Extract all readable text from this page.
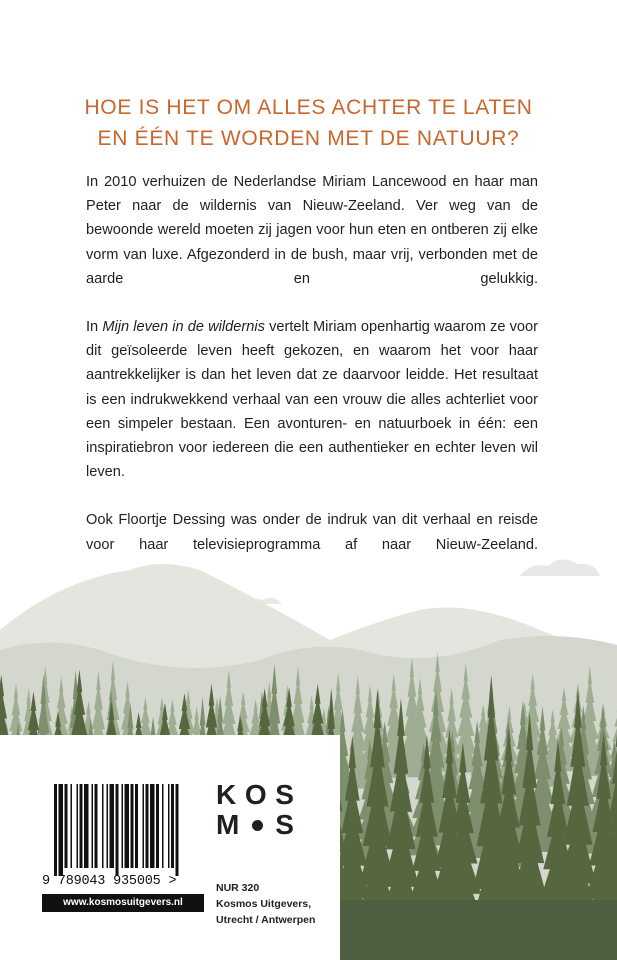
HOE IS HET OM ALLES ACHTER TE LATEN
EN ÉÉN TE WORDEN MET DE NATUUR?

In 2010 verhuizen de Nederlandse Miriam Lancewood en haar man Peter naar de wildernis van Nieuw-Zeeland. Ver weg van de bewoonde wereld moeten zij jagen voor hun eten en ontberen zij elke vorm van luxe. Afgezonderd in de bush, maar vrij, verbonden met de aarde en gelukkig.

In Mijn leven in de wildernis vertelt Miriam openhartig waarom ze voor dit geïsoleerde leven heeft gekozen, en waarom het voor haar aantrekkelijker is dan het leven dat ze daarvoor leidde. Het resultaat is een indrukwekkend verhaal van een vrouw die alles achterliet voor een simpeler bestaan. Een avonturen- en natuurboek in één: een inspiratiebron voor iedereen die een authentieker en echter leven wil leven.

Ook Floortje Dessing was onder de indruk van dit verhaal en reisde voor haar televisieprogramma af naar Nieuw-Zeeland.

9 789043 935005 >
www.kosmosuitgevers.nl
K O S
M S
NUR 320
Kosmos Uitgevers,
Utrecht / Antwerpen
